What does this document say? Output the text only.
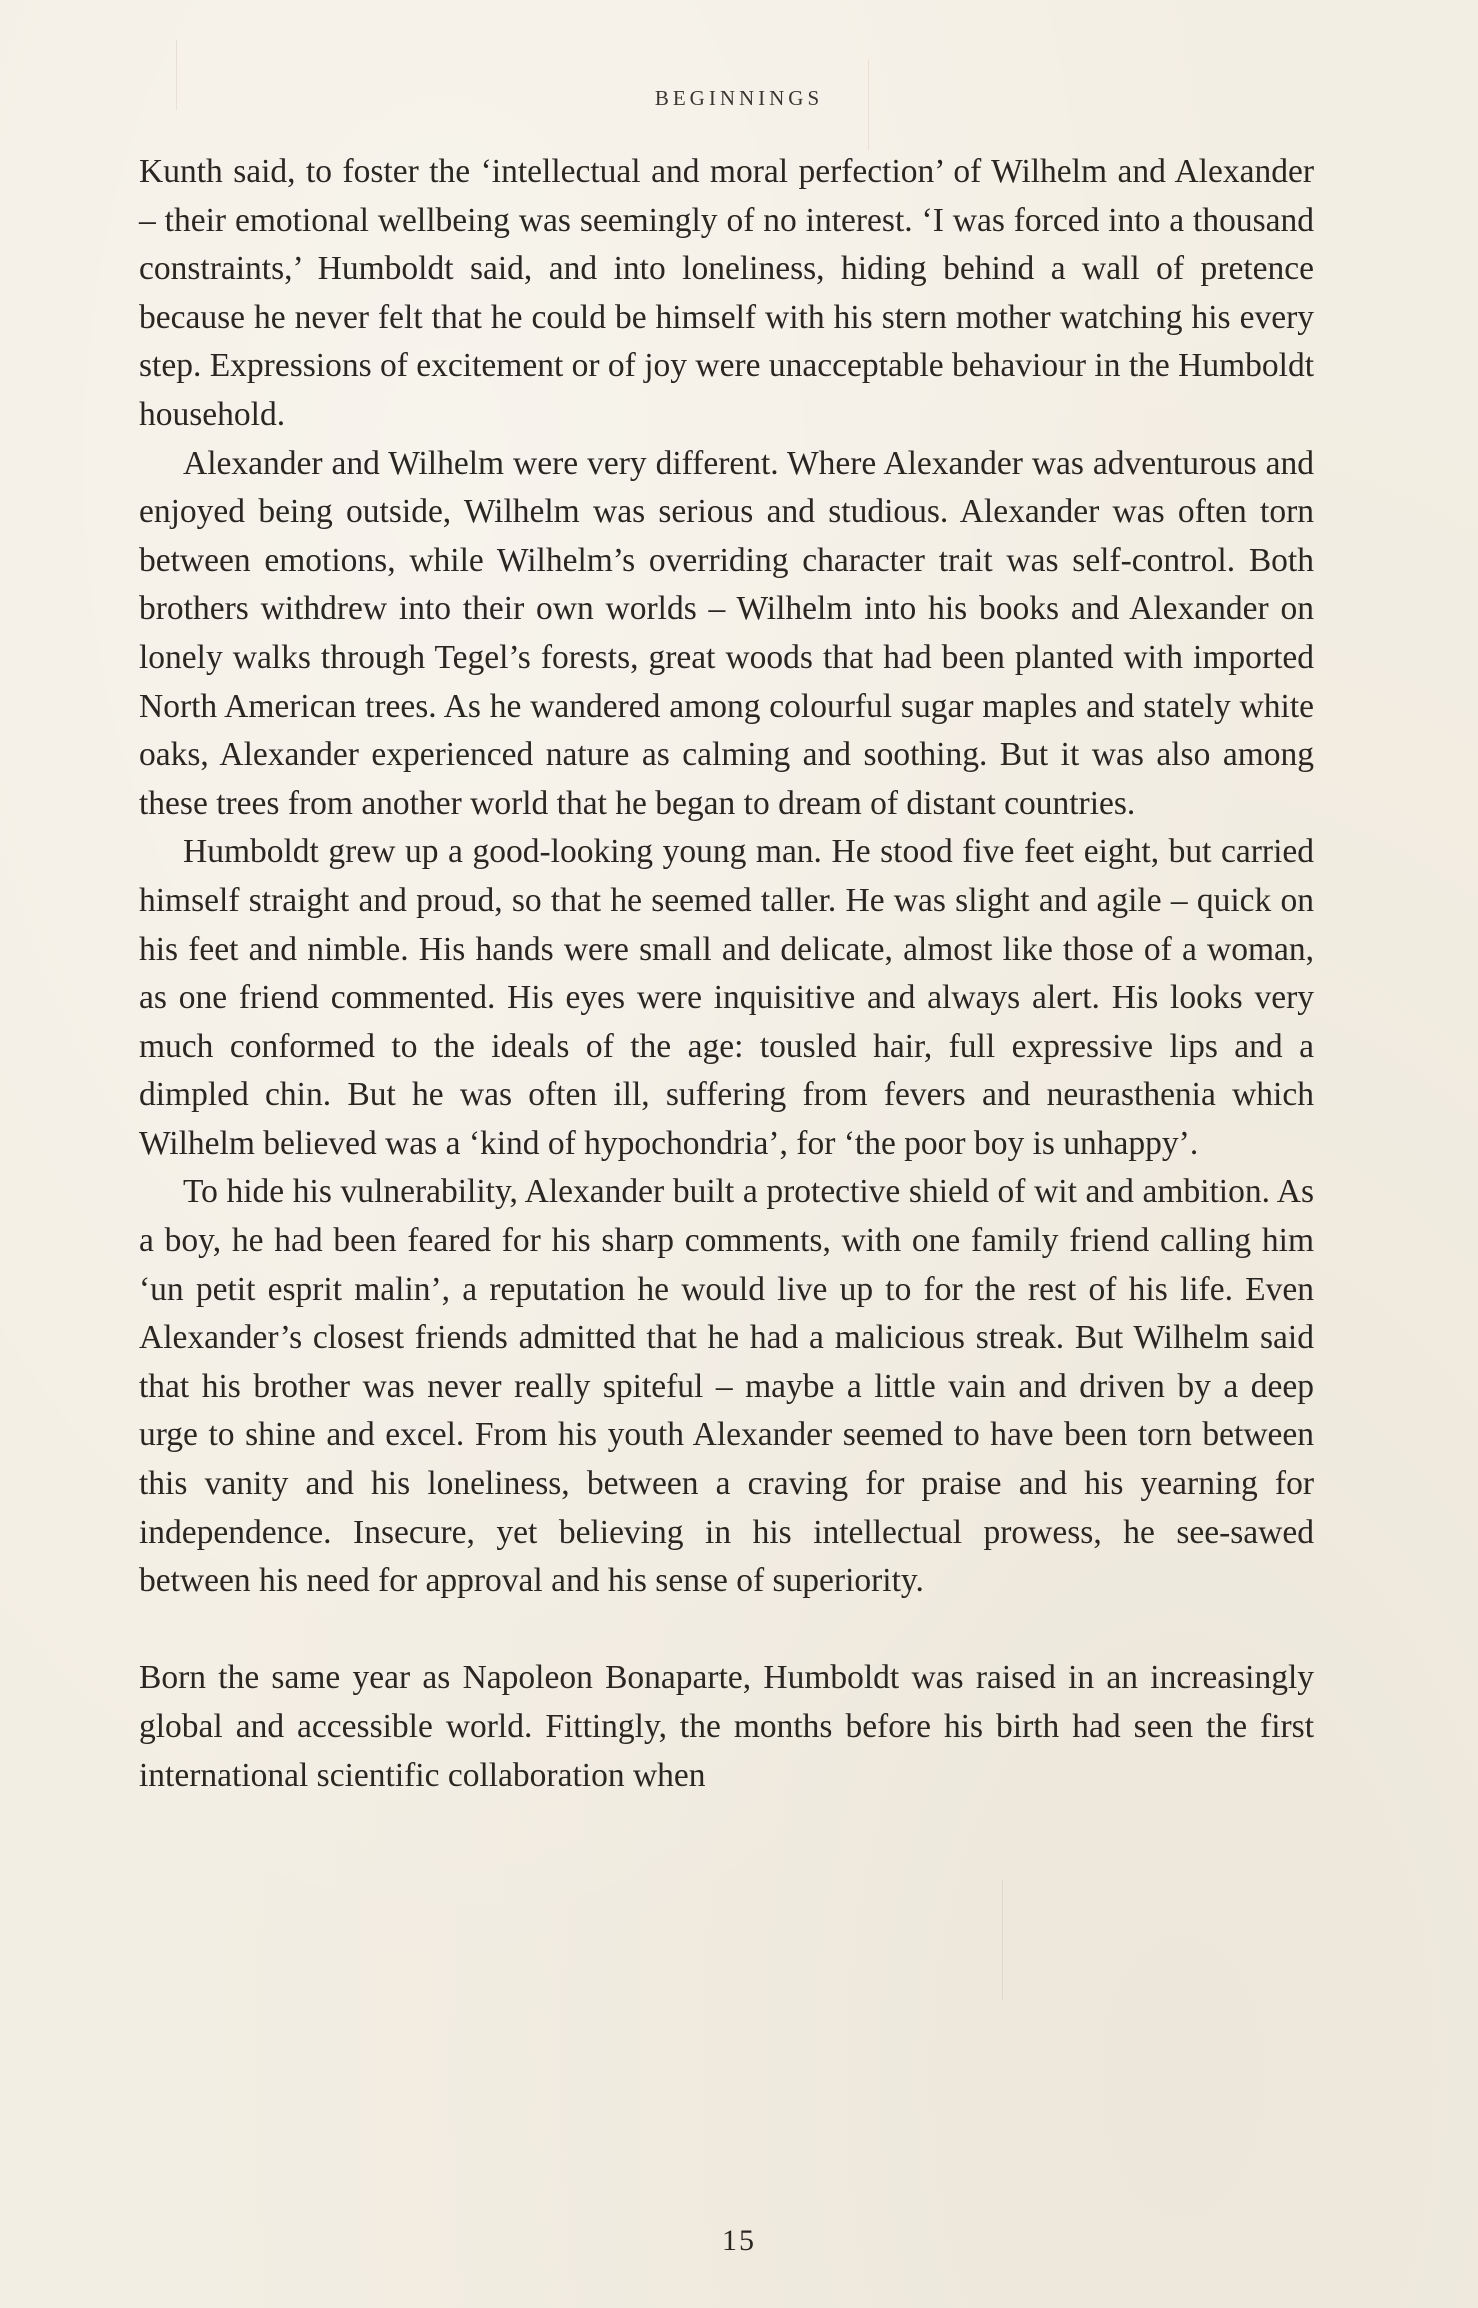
BEGINNINGS

Kunth said, to foster the ‘intellectual and moral perfection’ of Wilhelm and Alexander – their emotional wellbeing was seemingly of no interest. ‘I was forced into a thousand constraints,’ Humboldt said, and into loneliness, hiding behind a wall of pretence because he never felt that he could be himself with his stern mother watching his every step. Expressions of excitement or of joy were unacceptable behaviour in the Humboldt household.

Alexander and Wilhelm were very different. Where Alexander was adventurous and enjoyed being outside, Wilhelm was serious and studious. Alexander was often torn between emotions, while Wilhelm’s overriding character trait was self-control. Both brothers withdrew into their own worlds – Wilhelm into his books and Alexander on lonely walks through Tegel’s forests, great woods that had been planted with imported North American trees. As he wandered among colourful sugar maples and stately white oaks, Alexander experienced nature as calming and soothing. But it was also among these trees from another world that he began to dream of distant countries.

Humboldt grew up a good-looking young man. He stood five feet eight, but carried himself straight and proud, so that he seemed taller. He was slight and agile – quick on his feet and nimble. His hands were small and delicate, almost like those of a woman, as one friend commented. His eyes were inquisitive and always alert. His looks very much conformed to the ideals of the age: tousled hair, full expressive lips and a dimpled chin. But he was often ill, suffering from fevers and neurasthenia which Wilhelm believed was a ‘kind of hypochondria’, for ‘the poor boy is unhappy’.

To hide his vulnerability, Alexander built a protective shield of wit and ambition. As a boy, he had been feared for his sharp comments, with one family friend calling him ‘un petit esprit malin’, a reputation he would live up to for the rest of his life. Even Alexander’s closest friends admitted that he had a malicious streak. But Wilhelm said that his brother was never really spiteful – maybe a little vain and driven by a deep urge to shine and excel. From his youth Alexander seemed to have been torn between this vanity and his loneliness, between a craving for praise and his yearning for independence. Insecure, yet believing in his intellectual prowess, he see-sawed between his need for approval and his sense of superiority.

Born the same year as Napoleon Bonaparte, Humboldt was raised in an increasingly global and accessible world. Fittingly, the months before his birth had seen the first international scientific collaboration when

15
